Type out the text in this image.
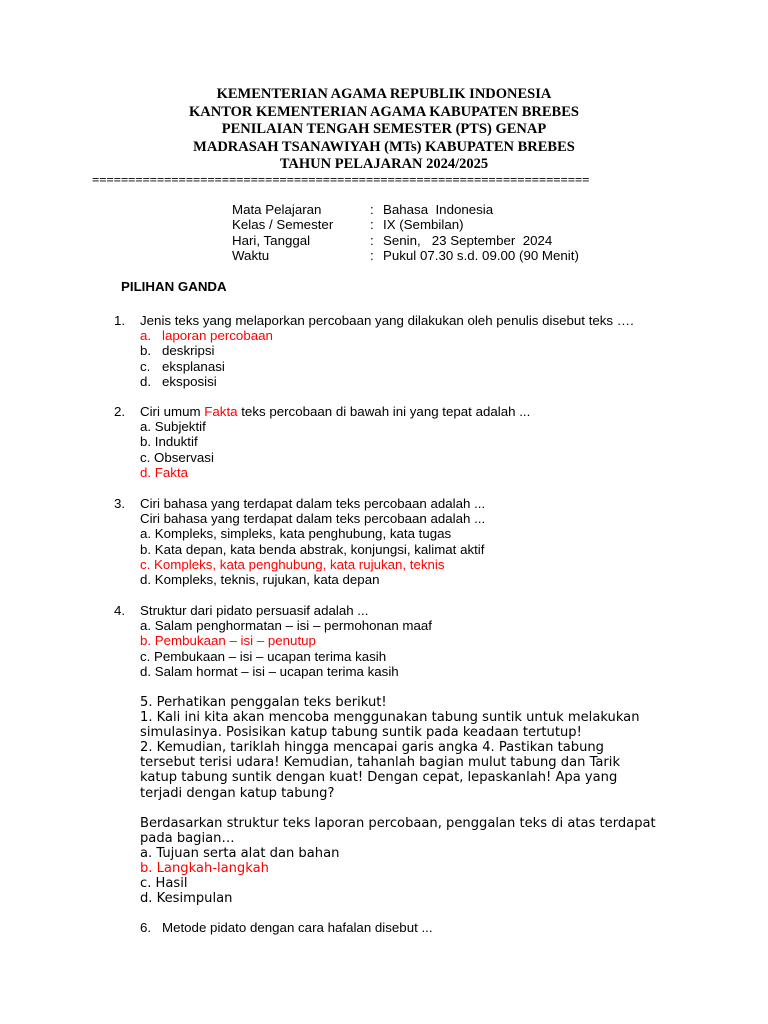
KEMENTERIAN AGAMA REPUBLIK INDONESIA
KANTOR KEMENTERIAN AGAMA KABUPATEN BREBES
PENILAIAN TENGAH SEMESTER (PTS) GENAP
MADRASAH TSANAWIYAH (MTs) KABUPATEN BREBES
TAHUN PELAJARAN 2024/2025
=====================================================================
Mata Pelajaran	: Bahasa  Indonesia
Kelas / Semester	: IX (Sembilan)
Hari, Tanggal	: Senin,   23 September  2024
Waktu	: Pukul 07.30 s.d. 09.00 (90 Menit)
PILIHAN GANDA
1. Jenis teks yang melaporkan percobaan yang dilakukan oleh penulis disebut teks ….
a. laporan percobaan
b. deskripsi
c. eksplanasi
d. eksposisi
2. Ciri umum Fakta teks percobaan di bawah ini yang tepat adalah ...
a. Subjektif
b. Induktif
c. Observasi
d. Fakta
3. Ciri bahasa yang terdapat dalam teks percobaan adalah ...
Ciri bahasa yang terdapat dalam teks percobaan adalah ...
a. Kompleks, simpleks, kata penghubung, kata tugas
b. Kata depan, kata benda abstrak, konjungsi, kalimat aktif
c. Kompleks, kata penghubung, kata rujukan, teknis
d. Kompleks, teknis, rujukan, kata depan
4. Struktur dari pidato persuasif adalah ...
a. Salam penghormatan – isi – permohonan maaf
b. Pembukaan – isi – penutup
c. Pembukaan – isi – ucapan terima kasih
d. Salam hormat – isi – ucapan terima kasih
5. Perhatikan penggalan teks berikut!
1. Kali ini kita akan mencoba menggunakan tabung suntik untuk melakukan
simulasinya. Posisikan katup tabung suntik pada keadaan tertutup!
2. Kemudian, tariklah hingga mencapai garis angka 4. Pastikan tabung
tersebut terisi udara! Kemudian, tahanlah bagian mulut tabung dan Tarik
katup tabung suntik dengan kuat! Dengan cepat, lepaskanlah! Apa yang
terjadi dengan katup tabung?
Berdasarkan struktur teks laporan percobaan, penggalan teks di atas terdapat
pada bagian…
a. Tujuan serta alat dan bahan
b. Langkah-langkah
c. Hasil
d. Kesimpulan
6. Metode pidato dengan cara hafalan disebut ...
